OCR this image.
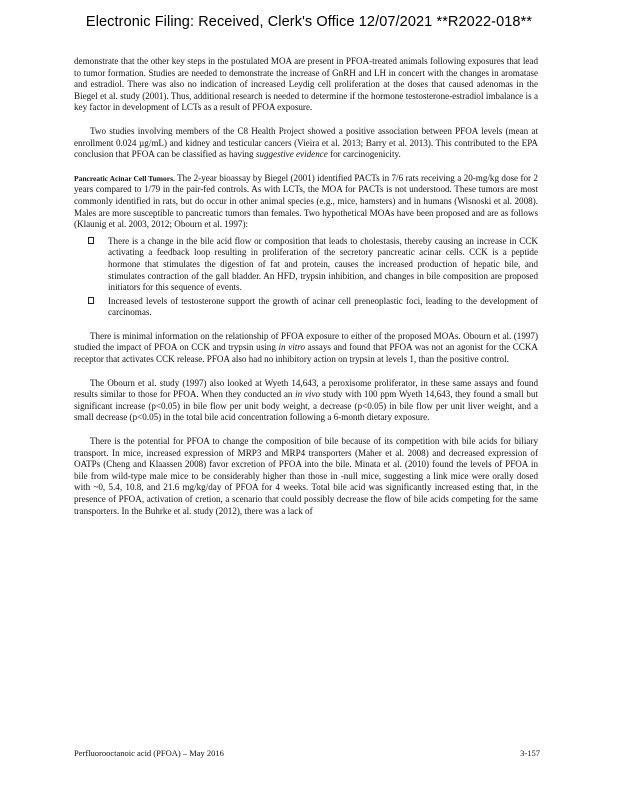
Electronic Filing: Received, Clerk's Office 12/07/2021 **R2022-018**

demonstrate that the other key steps in the postulated MOA are present in PFOA-treated animals following exposures that lead to tumor formation. Studies are needed to demonstrate the increase of GnRH and LH in concert with the changes in aromatase and estradiol. There was also no indication of increased Leydig cell proliferation at the doses that caused adenomas in the Biegel et al. study (2001). Thus, additional research is needed to determine if the hormone testosterone-estradiol imbalance is a key factor in development of LCTs as a result of PFOA exposure.

Two studies involving members of the C8 Health Project showed a positive association between PFOA levels (mean at enrollment 0.024 µg/mL) and kidney and testicular cancers (Vieira et al. 2013; Barry et al. 2013). This contributed to the EPA conclusion that PFOA can be classified as having suggestive evidence for carcinogenicity.

Pancreatic Acinar Cell Tumors. The 2-year bioassay by Biegel (2001) identified PACTs in 7/6 rats receiving a 20-mg/kg dose for 2 years compared to 1/79 in the pair-fed controls. As with LCTs, the MOA for PACTs is not understood. These tumors are most commonly identified in rats, but do occur in other animal species (e.g., mice, hamsters) and in humans (Wisnoski et al. 2008). Males are more susceptible to pancreatic tumors than females. Two hypothetical MOAs have been proposed and are as follows (Klaunig et al. 2003, 2012; Obourn et al. 1997):

There is a change in the bile acid flow or composition that leads to cholestasis, thereby causing an increase in CCK activating a feedback loop resulting in proliferation of the secretory pancreatic acinar cells. CCK is a peptide hormone that stimulates the digestion of fat and protein, causes the increased production of hepatic bile, and stimulates contraction of the gall bladder. An HFD, trypsin inhibition, and changes in bile composition are proposed initiators for this sequence of events.
Increased levels of testosterone support the growth of acinar cell preneoplastic foci, leading to the development of carcinomas.

There is minimal information on the relationship of PFOA exposure to either of the proposed MOAs. Obourn et al. (1997) studied the impact of PFOA on CCK and trypsin using in vitro assays and found that PFOA was not an agonist for the CCKA receptor that activates CCK release. PFOA also had no inhibitory action on trypsin at levels 1, than the positive control.

The Obourn et al. study (1997) also looked at Wyeth 14,643, a peroxisome proliferator, in these same assays and found results similar to those for PFOA. When they conducted an in vivo study with 100 ppm Wyeth 14,643, they found a small but significant increase (p<0.05) in bile flow per unit body weight, a decrease (p<0.05) in bile flow per unit liver weight, and a small decrease (p<0.05) in the total bile acid concentration following a 6-month dietary exposure.

There is the potential for PFOA to change the composition of bile because of its competition with bile acids for biliary transport. In mice, increased expression of MRP3 and MRP4 transporters (Maher et al. 2008) and decreased expression of OATPs (Cheng and Klaassen 2008) favor excretion of PFOA into the bile. Minata et al. (2010) found the levels of PFOA in bile from wild-type male mice to be considerably higher than those in -null mice, suggesting a link mice were orally dosed with ~0, 5.4, 10.8, and 21.6 mg/kg/day of PFOA for 4 weeks. Total bile acid was significantly increased esting that, in the presence of PFOA, activation of cretion, a scenario that could possibly decrease the flow of bile acids competing for the same transporters. In the Buhrke et al. study (2012), there was a lack of

Perfluorooctanoic acid (PFOA) – May 2016	3-157
